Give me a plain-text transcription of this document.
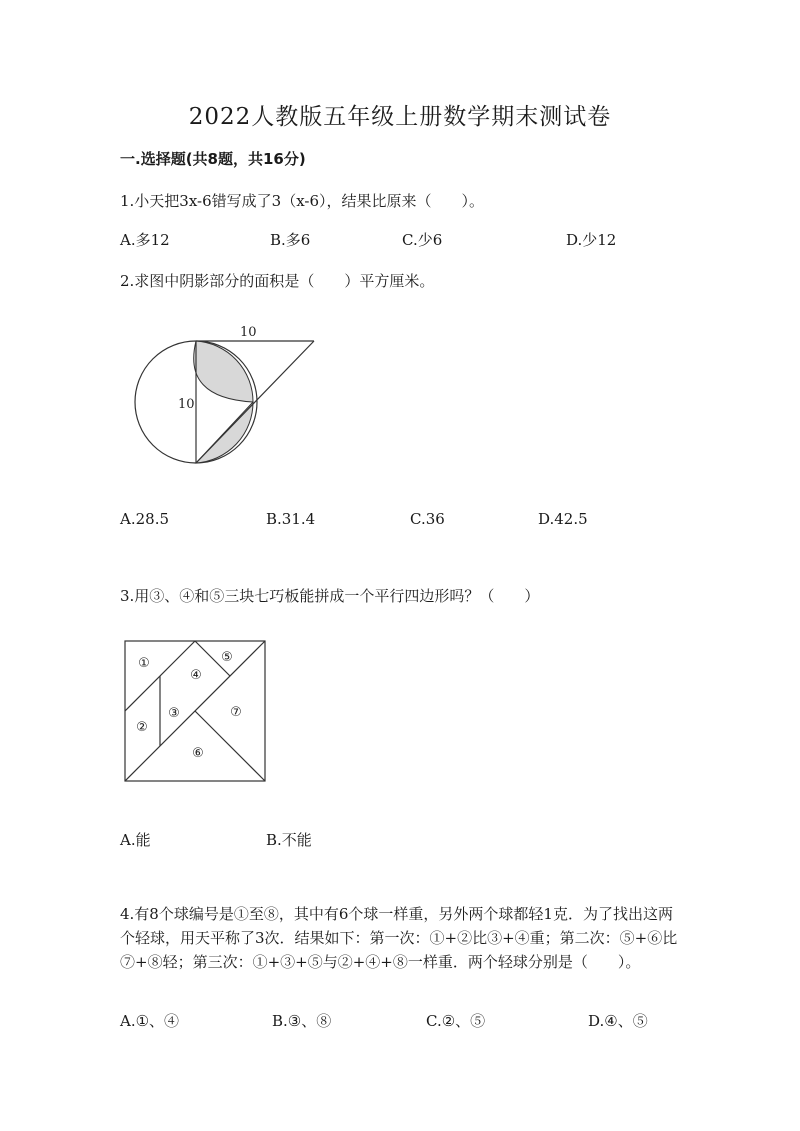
2022人教版五年级上册数学期末测试卷
一.选择题(共8题，共16分)
1.小天把3x-6错写成了3（x-6），结果比原来（　　）。
A.多12	B.多6	C.少6	D.少12
2.求图中阴影部分的面积是（　　）平方厘米。
10
10
A.28.5	B.31.4	C.36	D.42.5
3.用③、④和⑤三块七巧板能拼成一个平行四边形吗？（　　）
①
②
③
④
⑤
⑥
⑦
A.能	B.不能
4.有8个球编号是①至⑧，其中有6个球一样重，另外两个球都轻1克．为了找出这两个轻球，用天平称了3次．结果如下：第一次：①+②比③+④重；第二次：⑤+⑥比⑦+⑧轻；第三次：①+③+⑤与②+④+⑧一样重．两个轻球分别是（　　）。
A.①、④	B.③、⑧	C.②、⑤	D.④、⑤
